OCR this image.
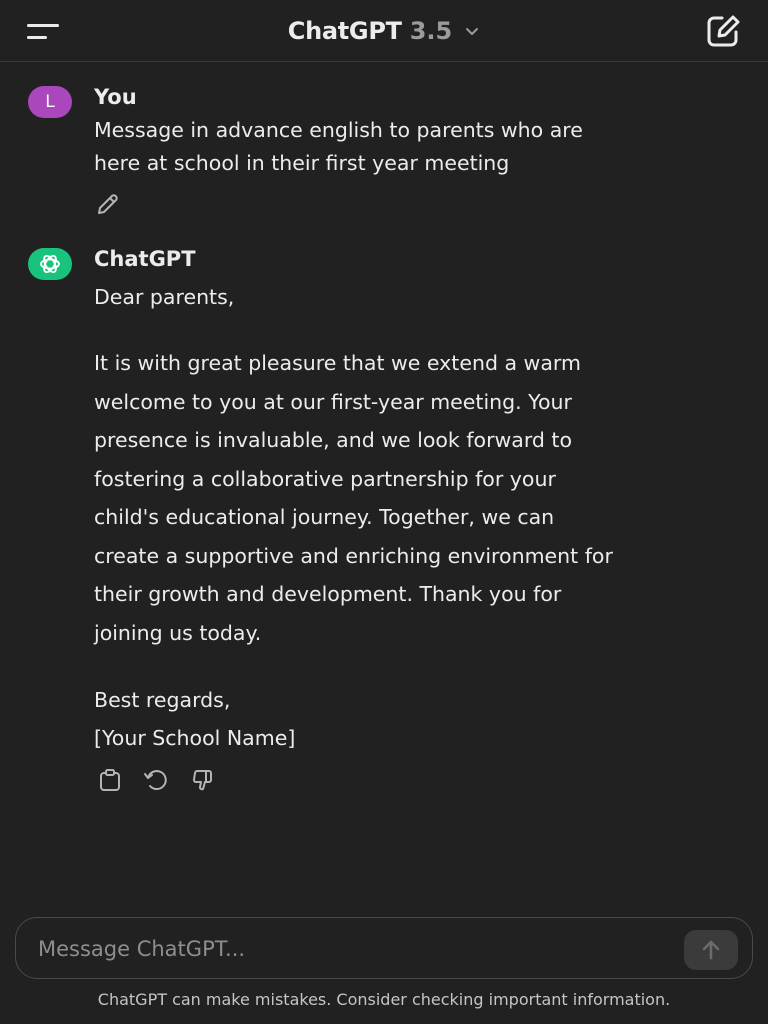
ChatGPT 3.5
L You
Message in advance english to parents who are
here at school in their first year meeting
ChatGPT
Dear parents,
It is with great pleasure that we extend a warm
welcome to you at our first-year meeting. Your
presence is invaluable, and we look forward to
fostering a collaborative partnership for your
child's educational journey. Together, we can
create a supportive and enriching environment for
their growth and development. Thank you for
joining us today.
Best regards,
[Your School Name]
Message ChatGPT...
ChatGPT can make mistakes. Consider checking important information.
